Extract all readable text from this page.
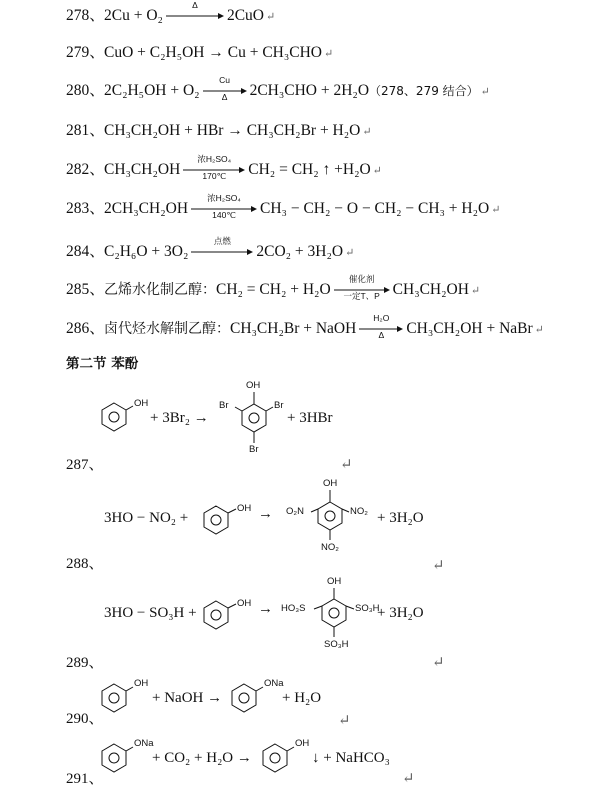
278、2Cu + O₂
Δ
2CuO ↵
279、CuO + C₂H₅OH → Cu + CH₃CHO ↵
280、2C₂H₅OH + O₂
Cu
Δ	2CH₃CHO + 2H₂O（278、279 结合） ↵
281、CH₃CH₂OH + HBr → CH₃CH₂Br + H₂O ↵
282、CH₃CH₂OH
浓H₂SO₄
170℃	CH₂ = CH₂ ↑ +H₂O ↵
283、2CH₃CH₂OH
浓H₂SO₄
140℃	CH₃ − CH₂ − O − CH₂ − CH₃ + H₂O ↵
284、C₂H₆O + 3O₂
点燃
2CO₂ + 3H₂O ↵
285、乙烯水化制乙醇：CH₂ = CH₂ + H₂O
催化剂
一定T、P CH₃CH₂OH ↵
286、卤代烃水解制乙醇：CH₃CH₂Br + NaOH
H₂O
Δ	CH₃CH₂OH + NaBr ↵
第二节 苯酚
OH
+ 3Br₂ →
OH
Br	Br
Br
+ 3HBr
287、	↵
3HO − NO₂ +
OH →
OH
O₂N	NO₂
NO₂
+ 3H₂O
288、	↵
3HO − SO₃H +
OH →
OH
HO₃S	SO₃H
SO₃H
+ 3H₂O
289、	↵
OH
+ NaOH →
ONa
+ H₂O
290、	↵
ONa
+ CO₂ + H₂O →
OH
↓ + NaHCO₃
291、	↵
